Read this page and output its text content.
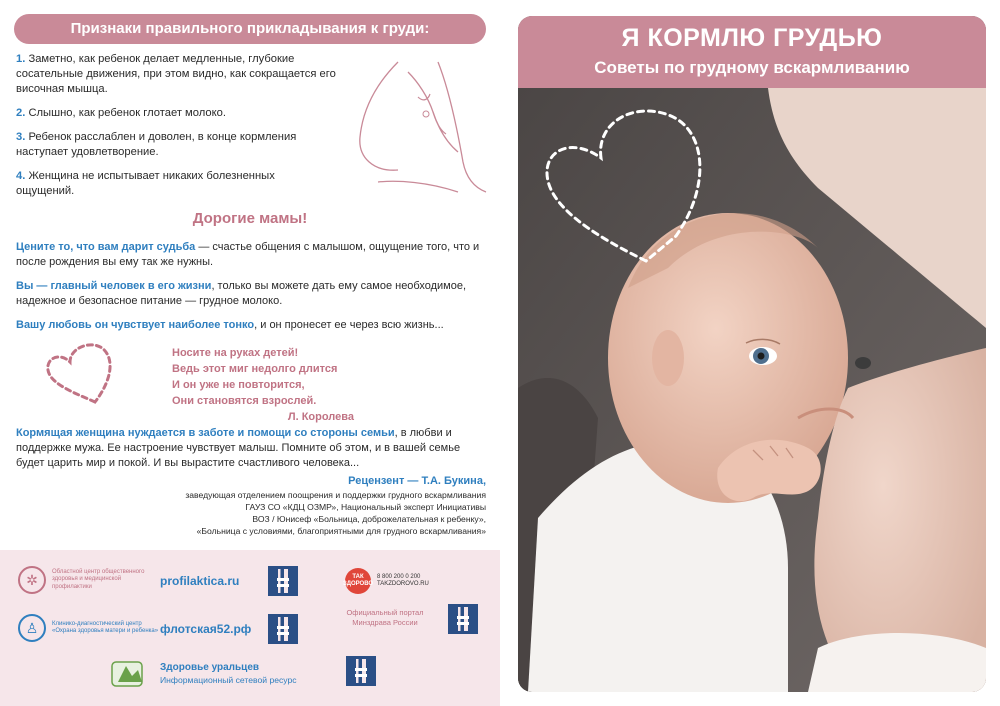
Признаки правильного прикладывания к груди:

1. Заметно, как ребенок делает медленные, глубокие сосательные движения, при этом видно, как сокращается его височная мышца.

2. Слышно, как ребенок глотает молоко.

3. Ребенок расслаблен и доволен, в конце кормления наступает удовлетворение.

4. Женщина не испытывает никаких болезненных ощущений.

Дорогие мамы!
Цените то, что вам дарит судьба — счастье общения с малышом, ощущение того, что и после рождения вы ему так же нужны.
Вы — главный человек в его жизни, только вы можете дать ему самое необходимое, надежное и безопасное питание — грудное молоко.
Вашу любовь он чувствует наиболее тонко, и он пронесет ее через всю жизнь...
Носите на руках детей!
Ведь этот миг недолго длится
И он уже не повторится,
Они становятся взрослей.
Л. Королева
Кормящая женщина нуждается в заботе и помощи со стороны семьи, в любви и поддержке мужа. Ее настроение чувствует малыш. Помните об этом, и в вашей семье будет царить мир и покой. И вы вырастите счастливого человека...
Рецензент — Т.А. Букина,
заведующая отделением поощрения и поддержки грудного вскармливания
ГАУЗ СО «КДЦ ОЗМР», Национальный эксперт Инициативы
ВОЗ / Юнисеф «Больница, доброжелательная к ребенку»,
«Больница с условиями, благоприятными для грудного вскармливания»
✲	Областной центр общественного здоровья и медицинской профилактики	profilaktica.ru
♙	Клинико-диагностический центр «Охрана здоровья матери и ребенка» флотская52.рф
ТАК ЗДОРОВО
8 800 200 0 200
TAKZDOROVO.RU
Официальный портал Минздрава России
Здоровье уральцев
Информационный сетевой ресурс
Я КОРМЛЮ ГРУДЬЮ
Советы по грудному вскармливанию
